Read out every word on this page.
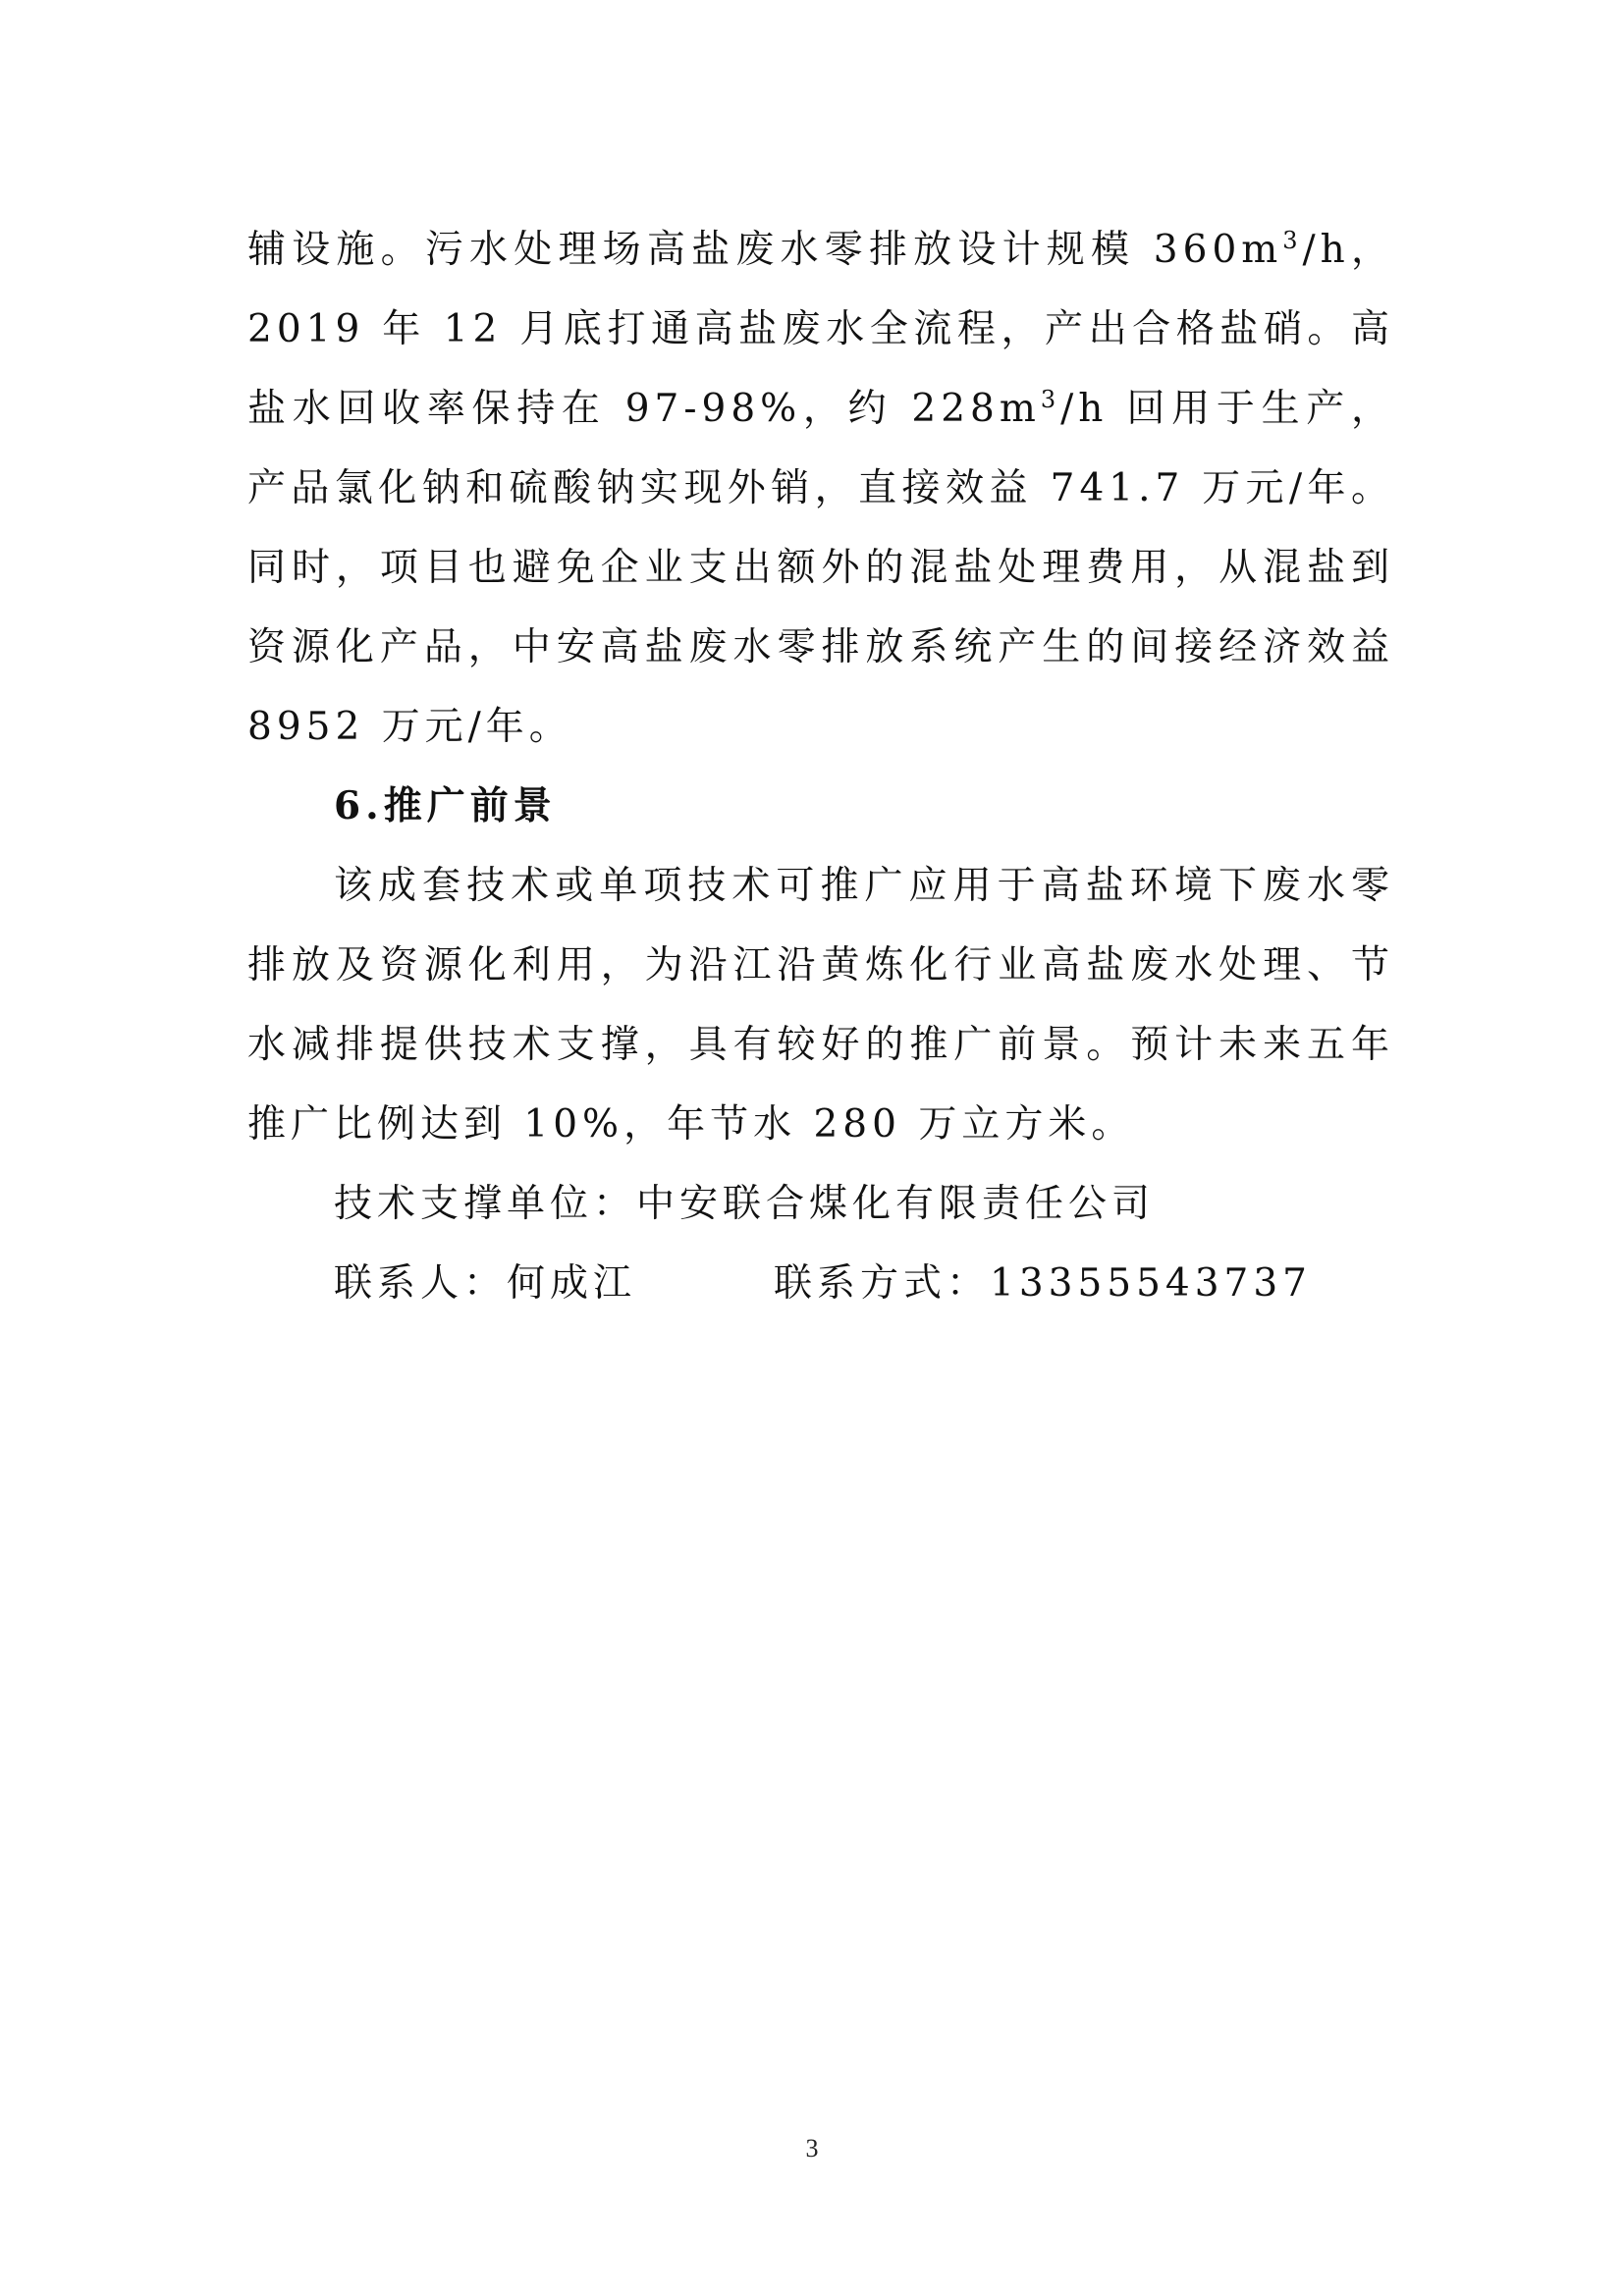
辅设施。污水处理场高盐废水零排放设计规模 $360m^3/h$，2019 年 12 月底打通高盐废水全流程，产出合格盐硝。高盐水回收率保持在 97-98%，约 $228m^3/h$ 回用于生产，产品氯化钠和硫酸钠实现外销，直接效益 741.7 万元/年。同时，项目也避免企业支出额外的混盐处理费用，从混盐到资源化产品，中安高盐废水零排放系统产生的间接经济效益 8952 万元/年。

6.推广前景

该成套技术或单项技术可推广应用于高盐环境下废水零排放及资源化利用，为沿江沿黄炼化行业高盐废水处理、节水减排提供技术支撑，具有较好的推广前景。预计未来五年推广比例达到 10%，年节水 280 万立方米。

技术支撑单位：中安联合煤化有限责任公司

联系人：何成江	联系方式：13355543737

3
